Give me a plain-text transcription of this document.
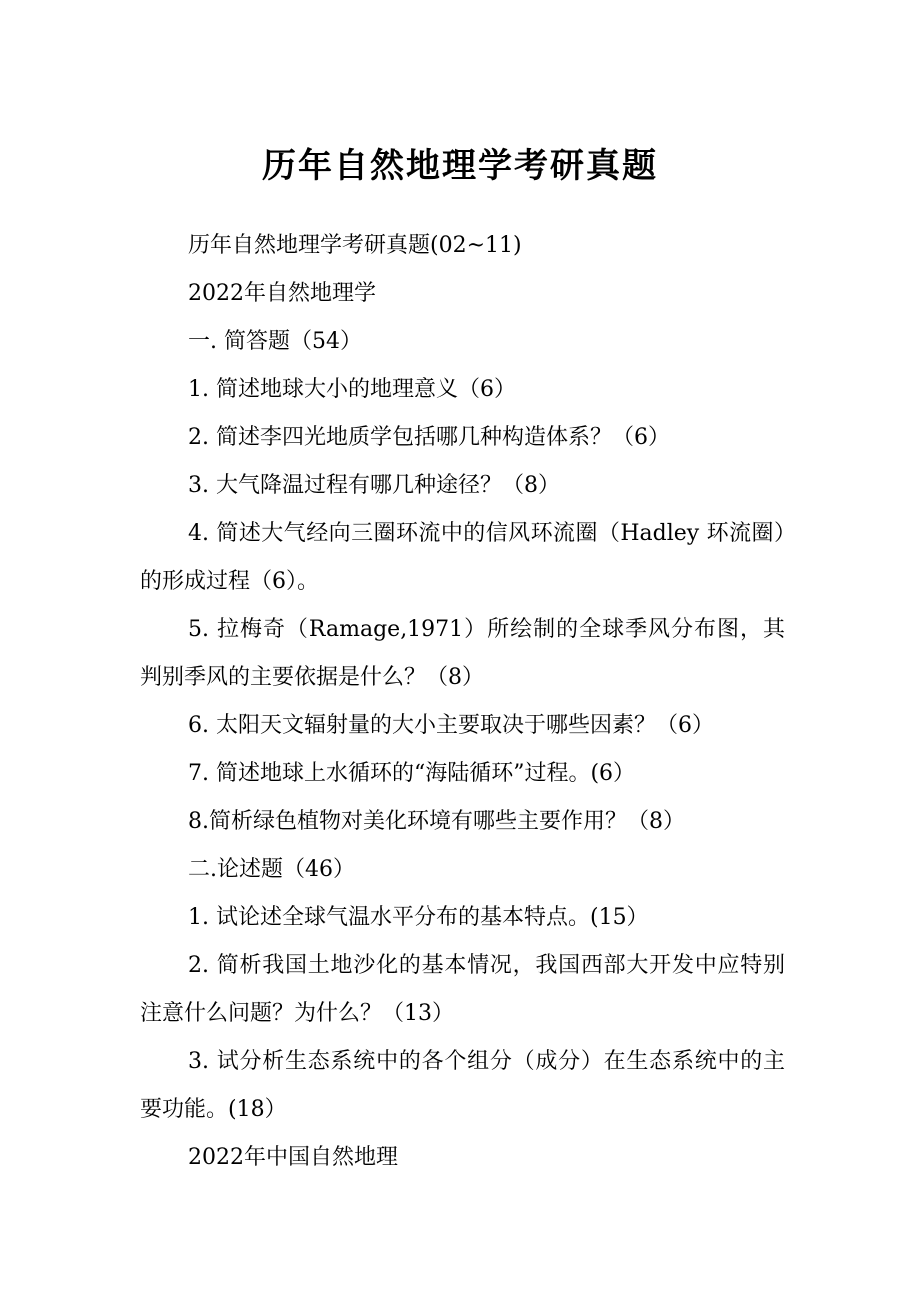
历年自然地理学考研真题

历年自然地理学考研真题(02~11)

2022年自然地理学

一. 简答题（54）

1. 简述地球大小的地理意义（6）

2. 简述李四光地质学包括哪几种构造体系？（6）

3. 大气降温过程有哪几种途径？（8）

4. 简述大气经向三圈环流中的信风环流圈（Hadley 环流圈）的形成过程（6）。

5. 拉梅奇（Ramage,1971）所绘制的全球季风分布图，其判别季风的主要依据是什么？（8）

6. 太阳天文辐射量的大小主要取决于哪些因素？（6）

7. 简述地球上水循环的“海陆循环”过程。(6）

8.简析绿色植物对美化环境有哪些主要作用？（8）

二.论述题（46）

1. 试论述全球气温水平分布的基本特点。(15）

2. 简析我国土地沙化的基本情况，我国西部大开发中应特别注意什么问题？为什么？（13）

3. 试分析生态系统中的各个组分（成分）在生态系统中的主要功能。(18）

2022年中国自然地理
